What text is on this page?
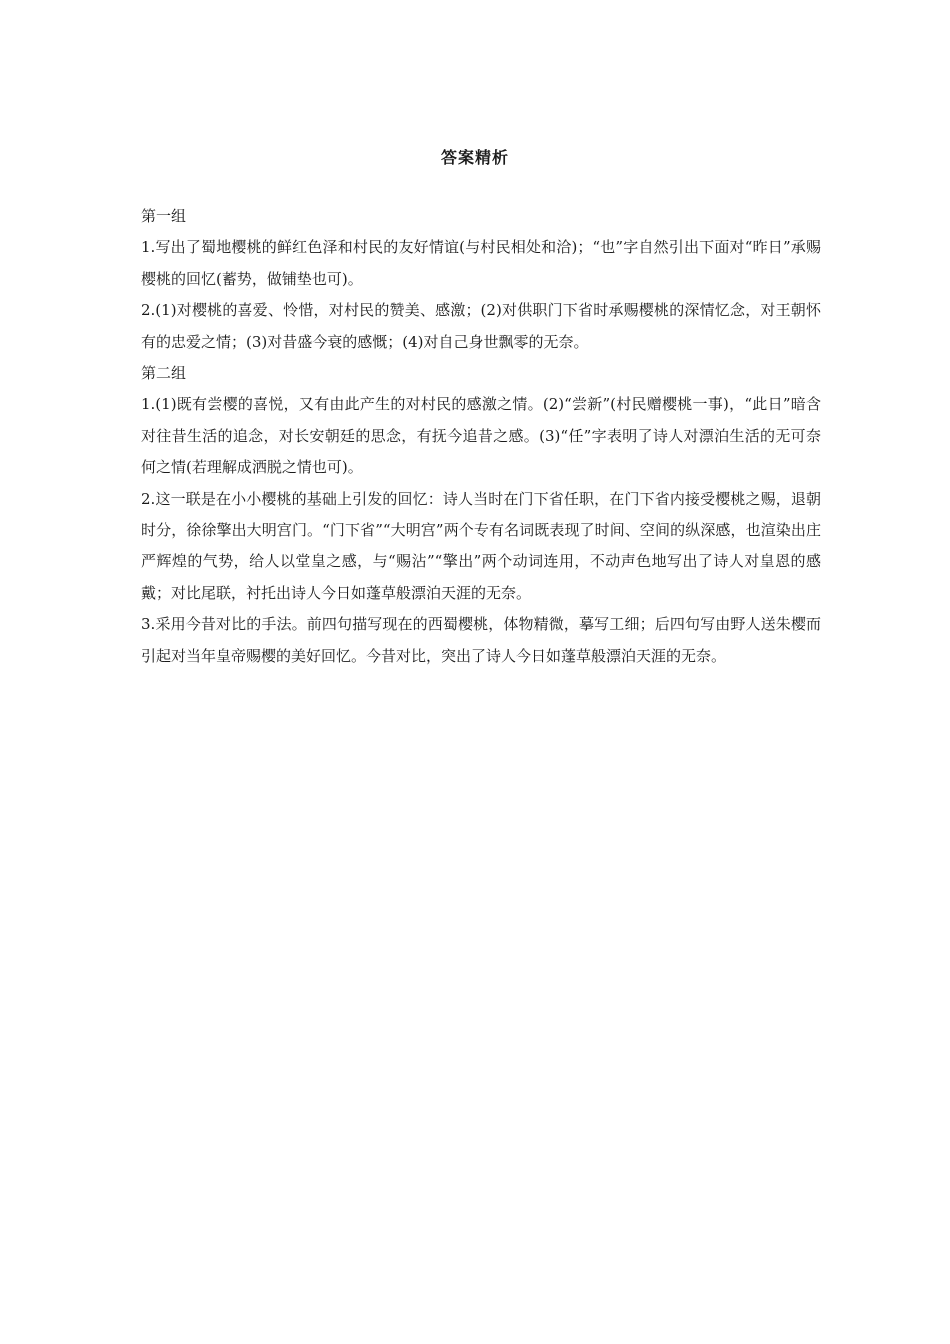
答案精析

第一组

1.写出了蜀地樱桃的鲜红色泽和村民的友好情谊(与村民相处和洽)；“也”字自然引出下面对“昨日”承赐樱桃的回忆(蓄势，做铺垫也可)。

2.(1)对樱桃的喜爱、怜惜，对村民的赞美、感激；(2)对供职门下省时承赐樱桃的深情忆念，对王朝怀有的忠爱之情；(3)对昔盛今衰的感慨；(4)对自己身世飘零的无奈。

第二组

1.(1)既有尝樱的喜悦，又有由此产生的对村民的感激之情。(2)“尝新”(村民赠樱桃一事)，“此日”暗含对往昔生活的追念，对长安朝廷的思念，有抚今追昔之感。(3)“任”字表明了诗人对漂泊生活的无可奈何之情(若理解成洒脱之情也可)。

2.这一联是在小小樱桃的基础上引发的回忆：诗人当时在门下省任职，在门下省内接受樱桃之赐，退朝时分，徐徐擎出大明宫门。“门下省”“大明宫”两个专有名词既表现了时间、空间的纵深感，也渲染出庄严辉煌的气势，给人以堂皇之感，与“赐沾”“擎出”两个动词连用，不动声色地写出了诗人对皇恩的感戴；对比尾联，衬托出诗人今日如蓬草般漂泊天涯的无奈。

3.采用今昔对比的手法。前四句描写现在的西蜀樱桃，体物精微，摹写工细；后四句写由野人送朱樱而引起对当年皇帝赐樱的美好回忆。今昔对比，突出了诗人今日如蓬草般漂泊天涯的无奈。
